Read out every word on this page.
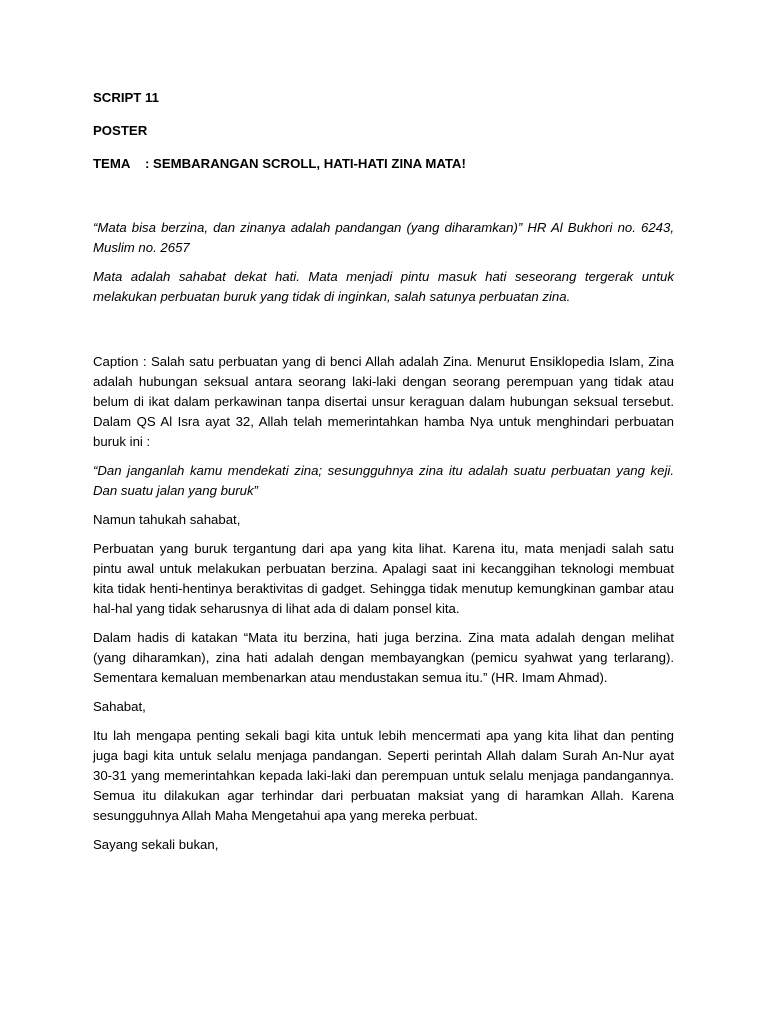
SCRIPT 11

POSTER

TEMA : SEMBARANGAN SCROLL, HATI-HATI ZINA MATA!

“Mata bisa berzina, dan zinanya adalah pandangan (yang diharamkan)” HR Al Bukhori no. 6243, Muslim no. 2657

Mata adalah sahabat dekat hati. Mata menjadi pintu masuk hati seseorang tergerak untuk melakukan perbuatan buruk yang tidak di inginkan, salah satunya perbuatan zina.

Caption : Salah satu perbuatan yang di benci Allah adalah Zina. Menurut Ensiklopedia Islam, Zina adalah hubungan seksual antara seorang laki-laki dengan seorang perempuan yang tidak atau belum di ikat dalam perkawinan tanpa disertai unsur keraguan dalam hubungan seksual tersebut. Dalam QS Al Isra ayat 32, Allah telah memerintahkan hamba Nya untuk menghindari perbuatan buruk ini :

“Dan janganlah kamu mendekati zina; sesungguhnya zina itu adalah suatu perbuatan yang keji. Dan suatu jalan yang buruk”

Namun tahukah sahabat,

Perbuatan yang buruk tergantung dari apa yang kita lihat. Karena itu, mata menjadi salah satu pintu awal untuk melakukan perbuatan berzina. Apalagi saat ini kecanggihan teknologi membuat kita tidak henti-hentinya beraktivitas di gadget. Sehingga tidak menutup kemungkinan gambar atau hal-hal yang tidak seharusnya di lihat ada di dalam ponsel kita.

Dalam hadis di katakan “Mata itu berzina, hati juga berzina. Zina mata adalah dengan melihat (yang diharamkan), zina hati adalah dengan membayangkan (pemicu syahwat yang terlarang). Sementara kemaluan membenarkan atau mendustakan semua itu.” (HR. Imam Ahmad).

Sahabat,

Itu lah mengapa penting sekali bagi kita untuk lebih mencermati apa yang kita lihat dan penting juga bagi kita untuk selalu menjaga pandangan. Seperti perintah Allah dalam Surah An-Nur ayat 30-31 yang memerintahkan kepada laki-laki dan perempuan untuk selalu menjaga pandangannya. Semua itu dilakukan agar terhindar dari perbuatan maksiat yang di haramkan Allah. Karena sesungguhnya Allah Maha Mengetahui apa yang mereka perbuat.

Sayang sekali bukan,
